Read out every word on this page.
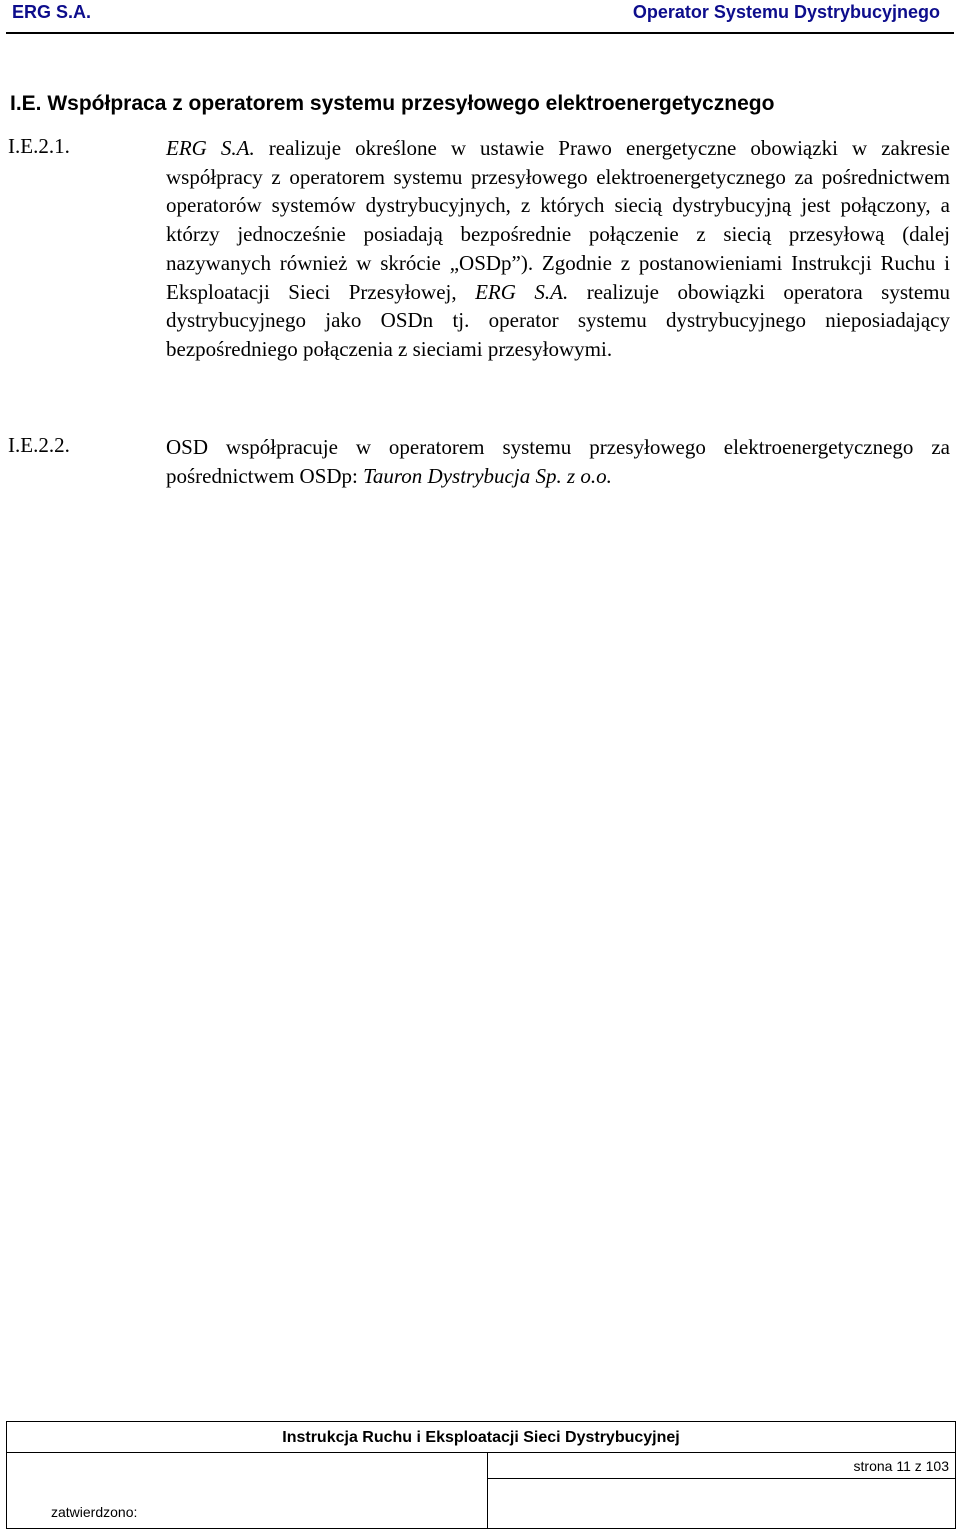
ERG S.A.	Operator Systemu Dystrybucyjnego
I.E. Współpraca z operatorem systemu przesyłowego elektroenergetycznego
I.E.2.1.	ERG S.A. realizuje określone w ustawie Prawo energetyczne obowiązki w zakresie współpracy z operatorem systemu przesyłowego elektroenergetycznego za pośrednictwem operatorów systemów dystrybucyjnych, z których siecią dystrybucyjną jest połączony, a którzy jednocześnie posiadają bezpośrednie połączenie z siecią przesyłową (dalej nazywanych również w skrócie „OSDp”). Zgodnie z postanowieniami Instrukcji Ruchu i Eksploatacji Sieci Przesyłowej, ERG S.A. realizuje obowiązki operatora systemu dystrybucyjnego jako OSDn tj. operator systemu dystrybucyjnego nieposiadający bezpośredniego połączenia z sieciami przesyłowymi.
I.E.2.2.	OSD współpracuje w operatorem systemu przesyłowego elektroenergetycznego za pośrednictwem OSDp: Tauron Dystrybucja Sp. z o.o.
Instrukcja Ruchu i Eksploatacji Sieci Dystrybucyjnej
zatwierdzono:
strona 11 z 103
